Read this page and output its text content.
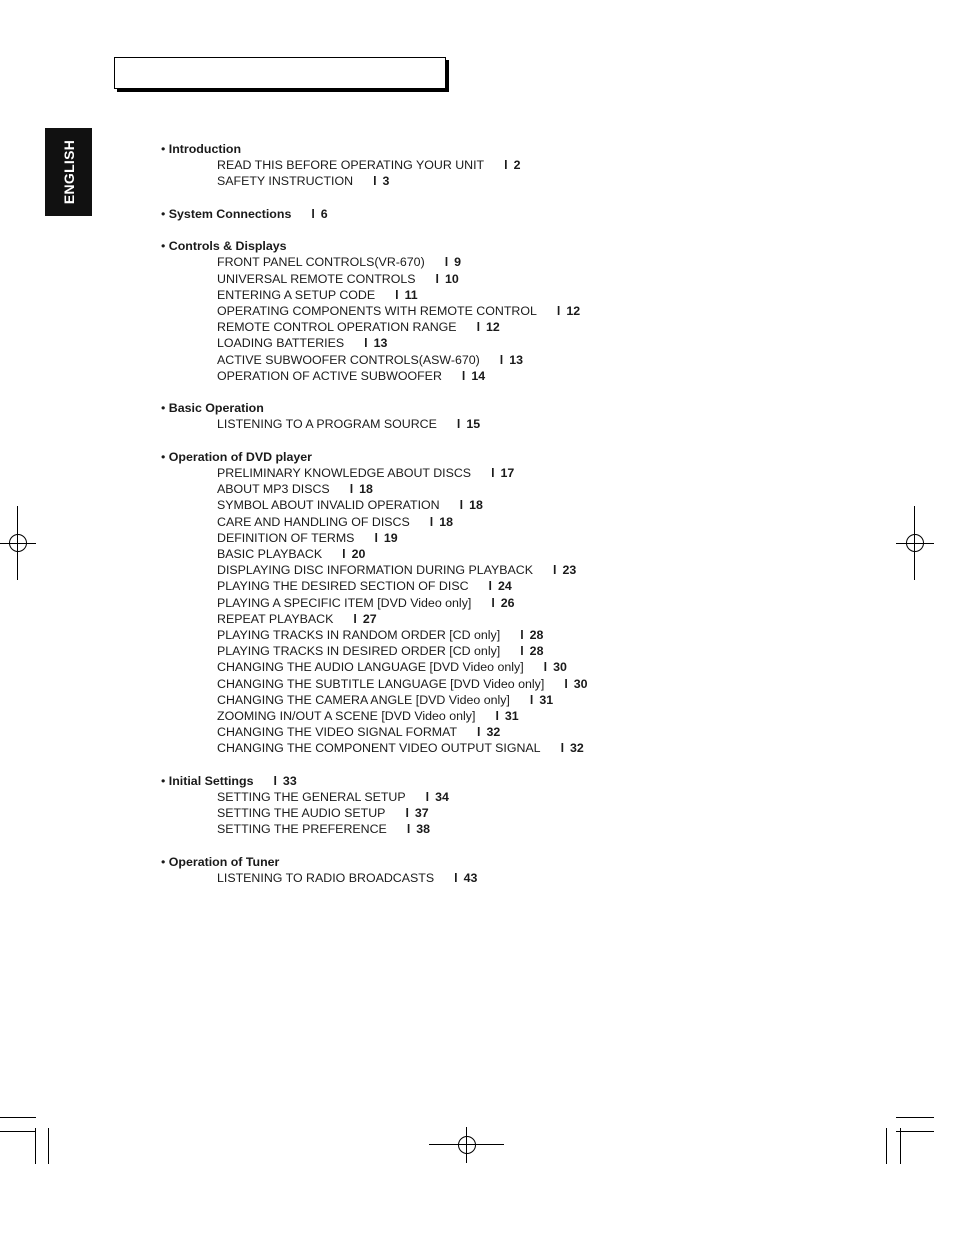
ENGLISH	• Introduction
READ THIS BEFORE OPERATING YOUR UNIT l 2
SAFETY INSTRUCTION l 3
• System Connections l 6
• Controls & Displays
FRONT PANEL CONTROLS(VR-670) l 9
UNIVERSAL REMOTE CONTROLS l 10
ENTERING A SETUP CODE l 11
OPERATING COMPONENTS WITH REMOTE CONTROL l 12
REMOTE CONTROL OPERATION RANGE l 12
LOADING BATTERIES l 13
ACTIVE SUBWOOFER CONTROLS(ASW-670) l 13
OPERATION OF ACTIVE SUBWOOFER l 14
• Basic Operation
LISTENING TO A PROGRAM SOURCE l 15
• Operation of DVD player
PRELIMINARY KNOWLEDGE ABOUT DISCS l 17
ABOUT MP3 DISCS l 18
SYMBOL ABOUT INVALID OPERATION l 18
CARE AND HANDLING OF DISCS l 18
DEFINITION OF TERMS l 19
BASIC PLAYBACK l 20
DISPLAYING DISC INFORMATION DURING PLAYBACK l 23
PLAYING THE DESIRED SECTION OF DISC l 24
PLAYING A SPECIFIC ITEM [DVD Video only] l 26
REPEAT PLAYBACK l 27
PLAYING TRACKS IN RANDOM ORDER [CD only] l 28
PLAYING TRACKS IN DESIRED ORDER [CD only] l 28
CHANGING THE AUDIO LANGUAGE [DVD Video only] l 30
CHANGING THE SUBTITLE LANGUAGE [DVD Video only] l 30
CHANGING THE CAMERA ANGLE [DVD Video only] l 31
ZOOMING IN/OUT A SCENE [DVD Video only] l 31
CHANGING THE VIDEO SIGNAL FORMAT l 32
CHANGING THE COMPONENT VIDEO OUTPUT SIGNAL l 32
• Initial Settings l 33
SETTING THE GENERAL SETUP l 34
SETTING THE AUDIO SETUP l 37
SETTING THE PREFERENCE l 38
• Operation of Tuner
LISTENING TO RADIO BROADCASTS l 43
